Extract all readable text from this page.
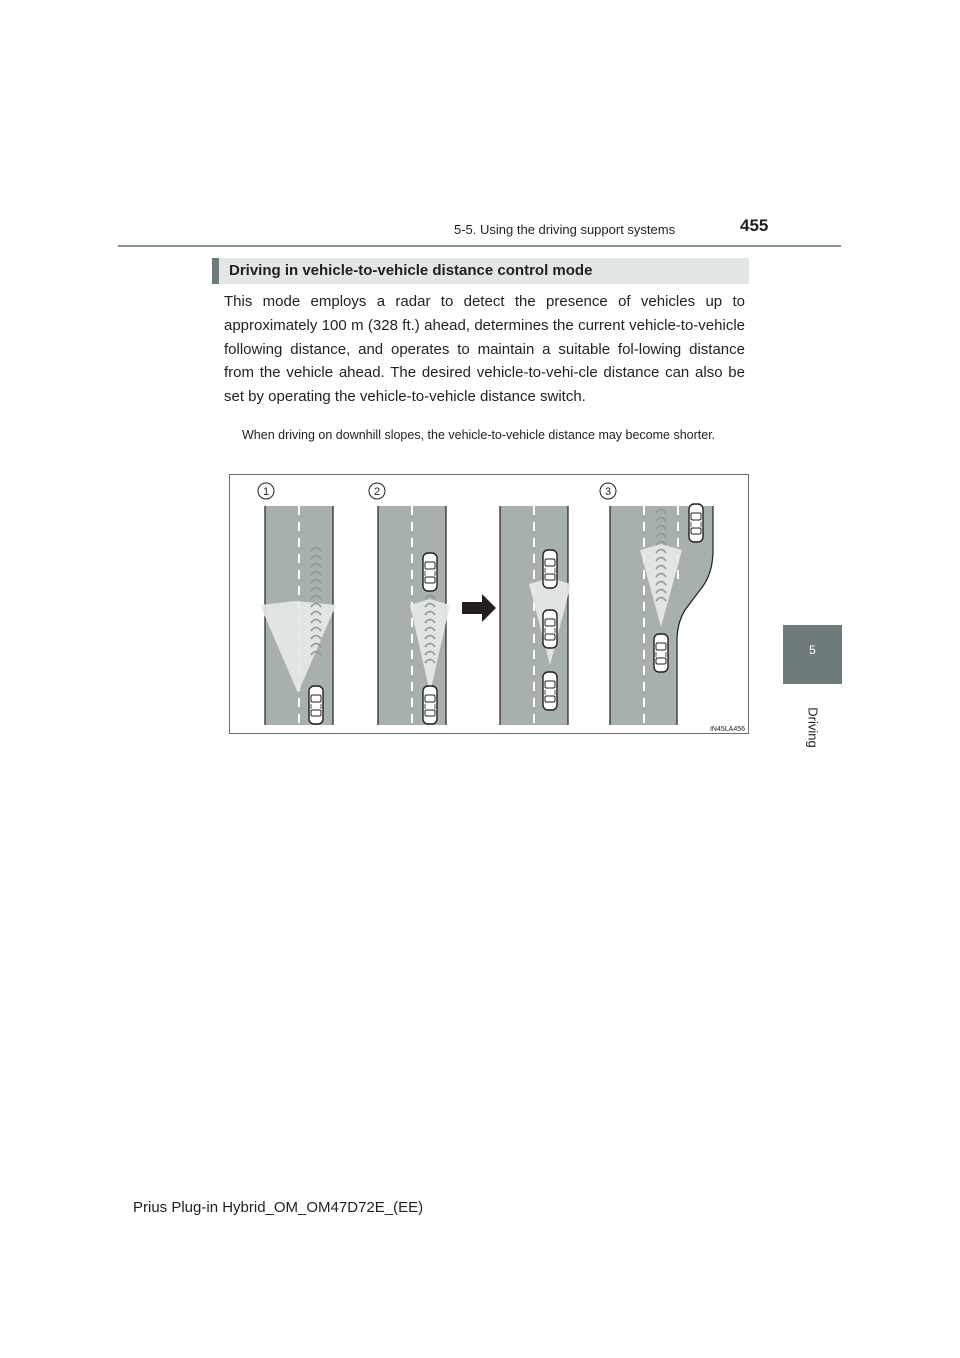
5-5. Using the driving support systems	455
5
Driving
Driving in vehicle-to-vehicle distance control mode
This mode employs a radar to detect the presence of vehicles up to approximately 100 m (328 ft.) ahead, determines the current vehicle-to-vehicle following distance, and operates to maintain a suitable fol-lowing distance from the vehicle ahead. The desired vehicle-to-vehi-cle distance can also be set by operating the vehicle-to-vehicle distance switch.
When driving on downhill slopes, the vehicle-to-vehicle distance may become shorter.
1	2	3
IN45LA456
Prius Plug-in Hybrid_OM_OM47D72E_(EE)
